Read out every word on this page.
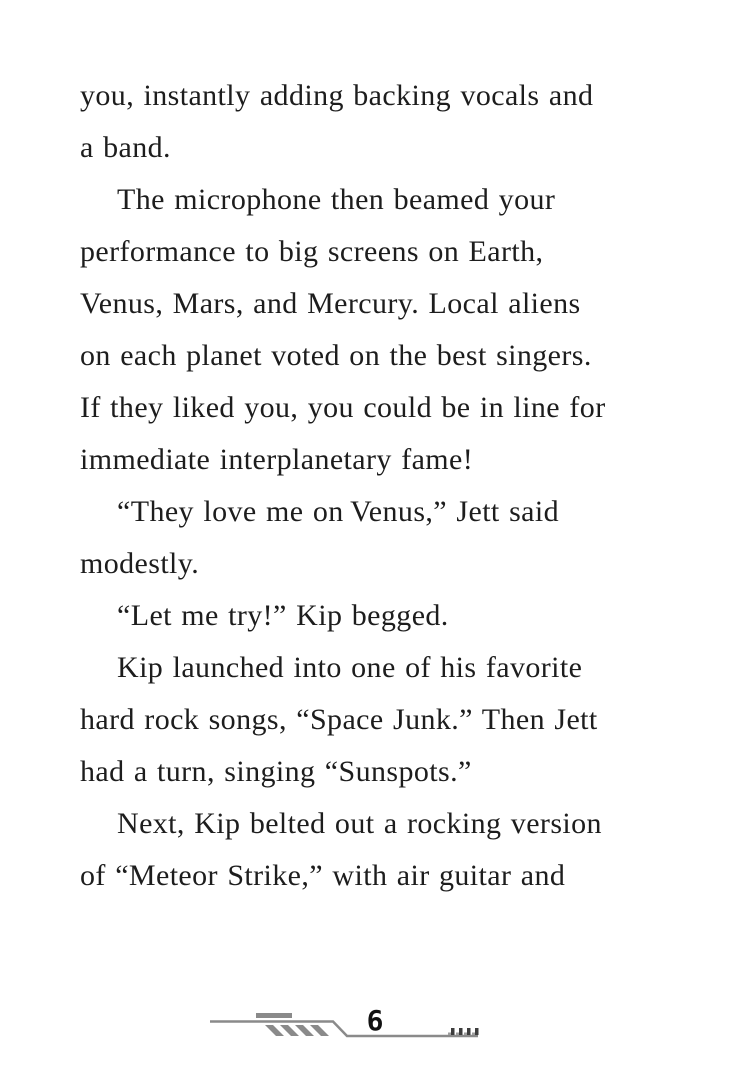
you, instantly adding backing vocals and
a band.
The microphone then beamed your
performance to big screens on Earth,
Venus, Mars, and Mercury. Local aliens
on each planet voted on the best singers.
If they liked you, you could be in line for
immediate interplanetary fame!
“They love me on Venus,” Jett said
modestly.
“Let me try!” Kip begged.
Kip launched into one of his favorite
hard rock songs, “Space Junk.” Then Jett
had a turn, singing “Sunspots.”
Next, Kip belted out a rocking version
of “Meteor Strike,” with air guitar and
6
